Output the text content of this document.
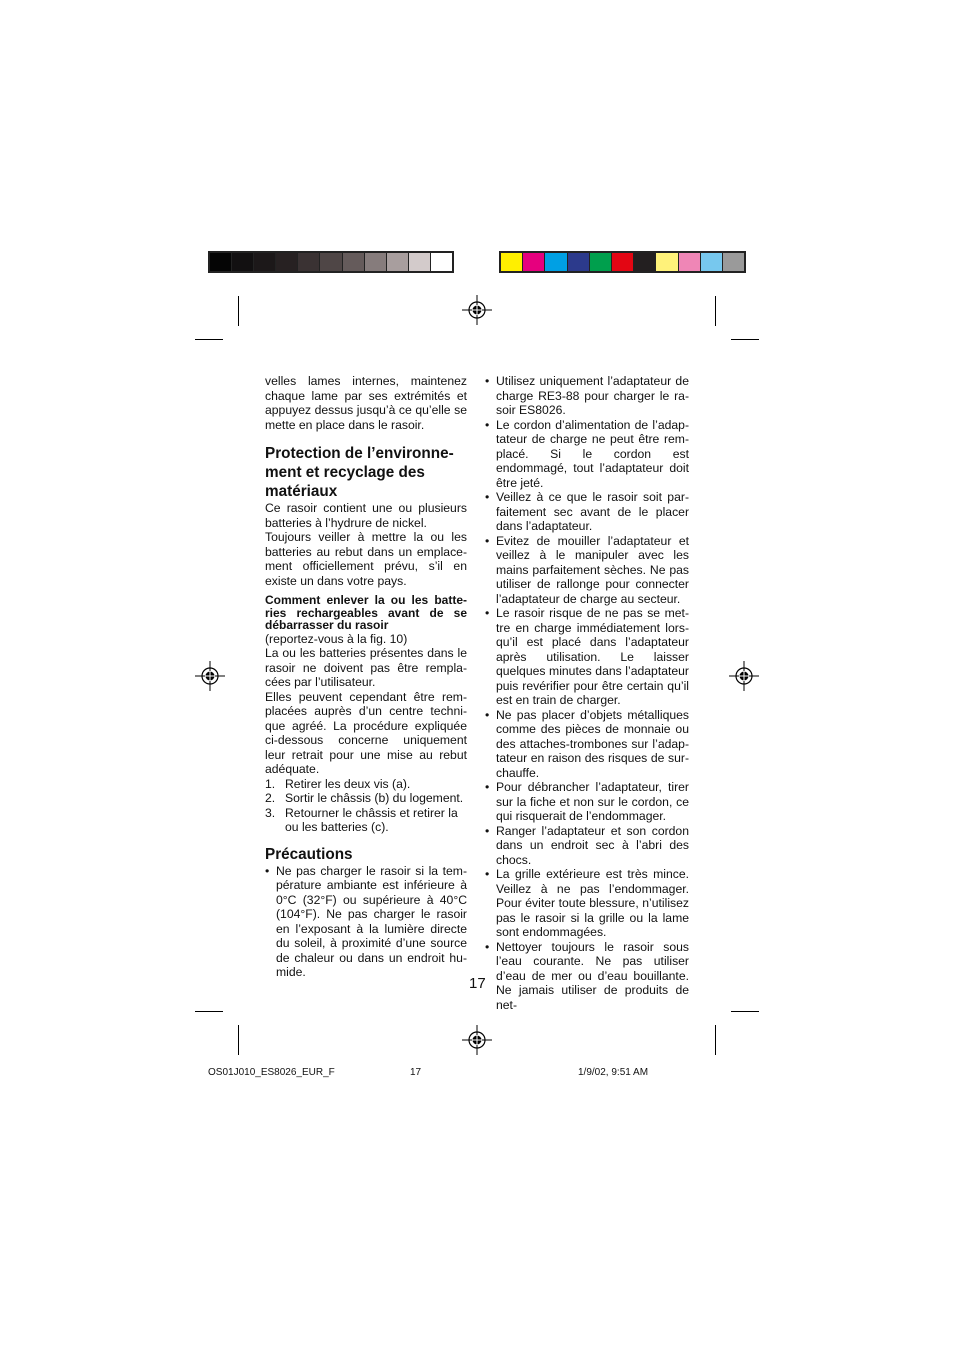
velles lames internes, maintenez chaque lame par ses extrémités et appuyez dessus jusqu’à ce qu’elle se mette en place dans le rasoir.

Protection de l’environnement et recyclage des matériaux

Ce rasoir contient une ou plusieurs batteries à l’hydrure de nickel.

Toujours veiller à mettre la ou les batteries au rebut dans un emplacement officiellement prévu, s’il en existe un dans votre pays.

Comment enlever la ou les batteries rechargeables avant de se débarrasser du rasoir

(reportez-vous à la fig. 10)

La ou les batteries présentes dans le rasoir ne doivent pas être remplacées par l’utilisateur.

Elles peuvent cependant être remplacées auprès d’un centre technique agréé. La procédure expliquée ci-dessous concerne uniquement leur retrait pour une mise au rebut adéquate.

1. Retirer les deux vis (a).
2. Sortir le châssis (b) du logement.
3. Retourner le châssis et retirer la ou les batteries (c).
Précautions
• Ne pas charger le rasoir si la température ambiante est inférieure à 0°C (32°F) ou supérieure à 40°C (104°F). Ne pas charger le rasoir en l’exposant à la lumière directe du soleil, à proximité d’une source de chaleur ou dans un endroit humide.
• Utilisez uniquement l’adaptateur de charge RE3-88 pour charger le rasoir ES8026.
• Le cordon d’alimentation de l’adaptateur de charge ne peut être remplacé. Si le cordon est endommagé, tout l’adaptateur doit être jeté.
• Veillez à ce que le rasoir soit parfaitement sec avant de le placer dans l’adaptateur.
• Evitez de mouiller l’adaptateur et veillez à le manipuler avec les mains parfaitement sèches. Ne pas utiliser de rallonge pour connecter l’adaptateur de charge au secteur.
• Le rasoir risque de ne pas se mettre en charge immédiatement lorsqu’il est placé dans l’adaptateur après utilisation. Le laisser quelques minutes dans l’adaptateur puis revérifier pour être certain qu’il est en train de charger.
• Ne pas placer d’objets métalliques comme des pièces de monnaie ou des attaches-trombones sur l’adaptateur en raison des risques de surchauffe.
• Pour débrancher l’adaptateur, tirer sur la fiche et non sur le cordon, ce qui risquerait de l’endommager.
• Ranger l’adaptateur et son cordon dans un endroit sec à l’abri des chocs.
• La grille extérieure est très mince. Veillez à ne pas l’endommager. Pour éviter toute blessure, n’utilisez pas le rasoir si la grille ou la lame sont endommagées.
• Nettoyer toujours le rasoir sous l’eau courante. Ne pas utiliser d’eau de mer ou d’eau bouillante. Ne jamais utiliser de produits de net-
17
OS01J010_ES8026_EUR_F	17	1/9/02, 9:51 AM
